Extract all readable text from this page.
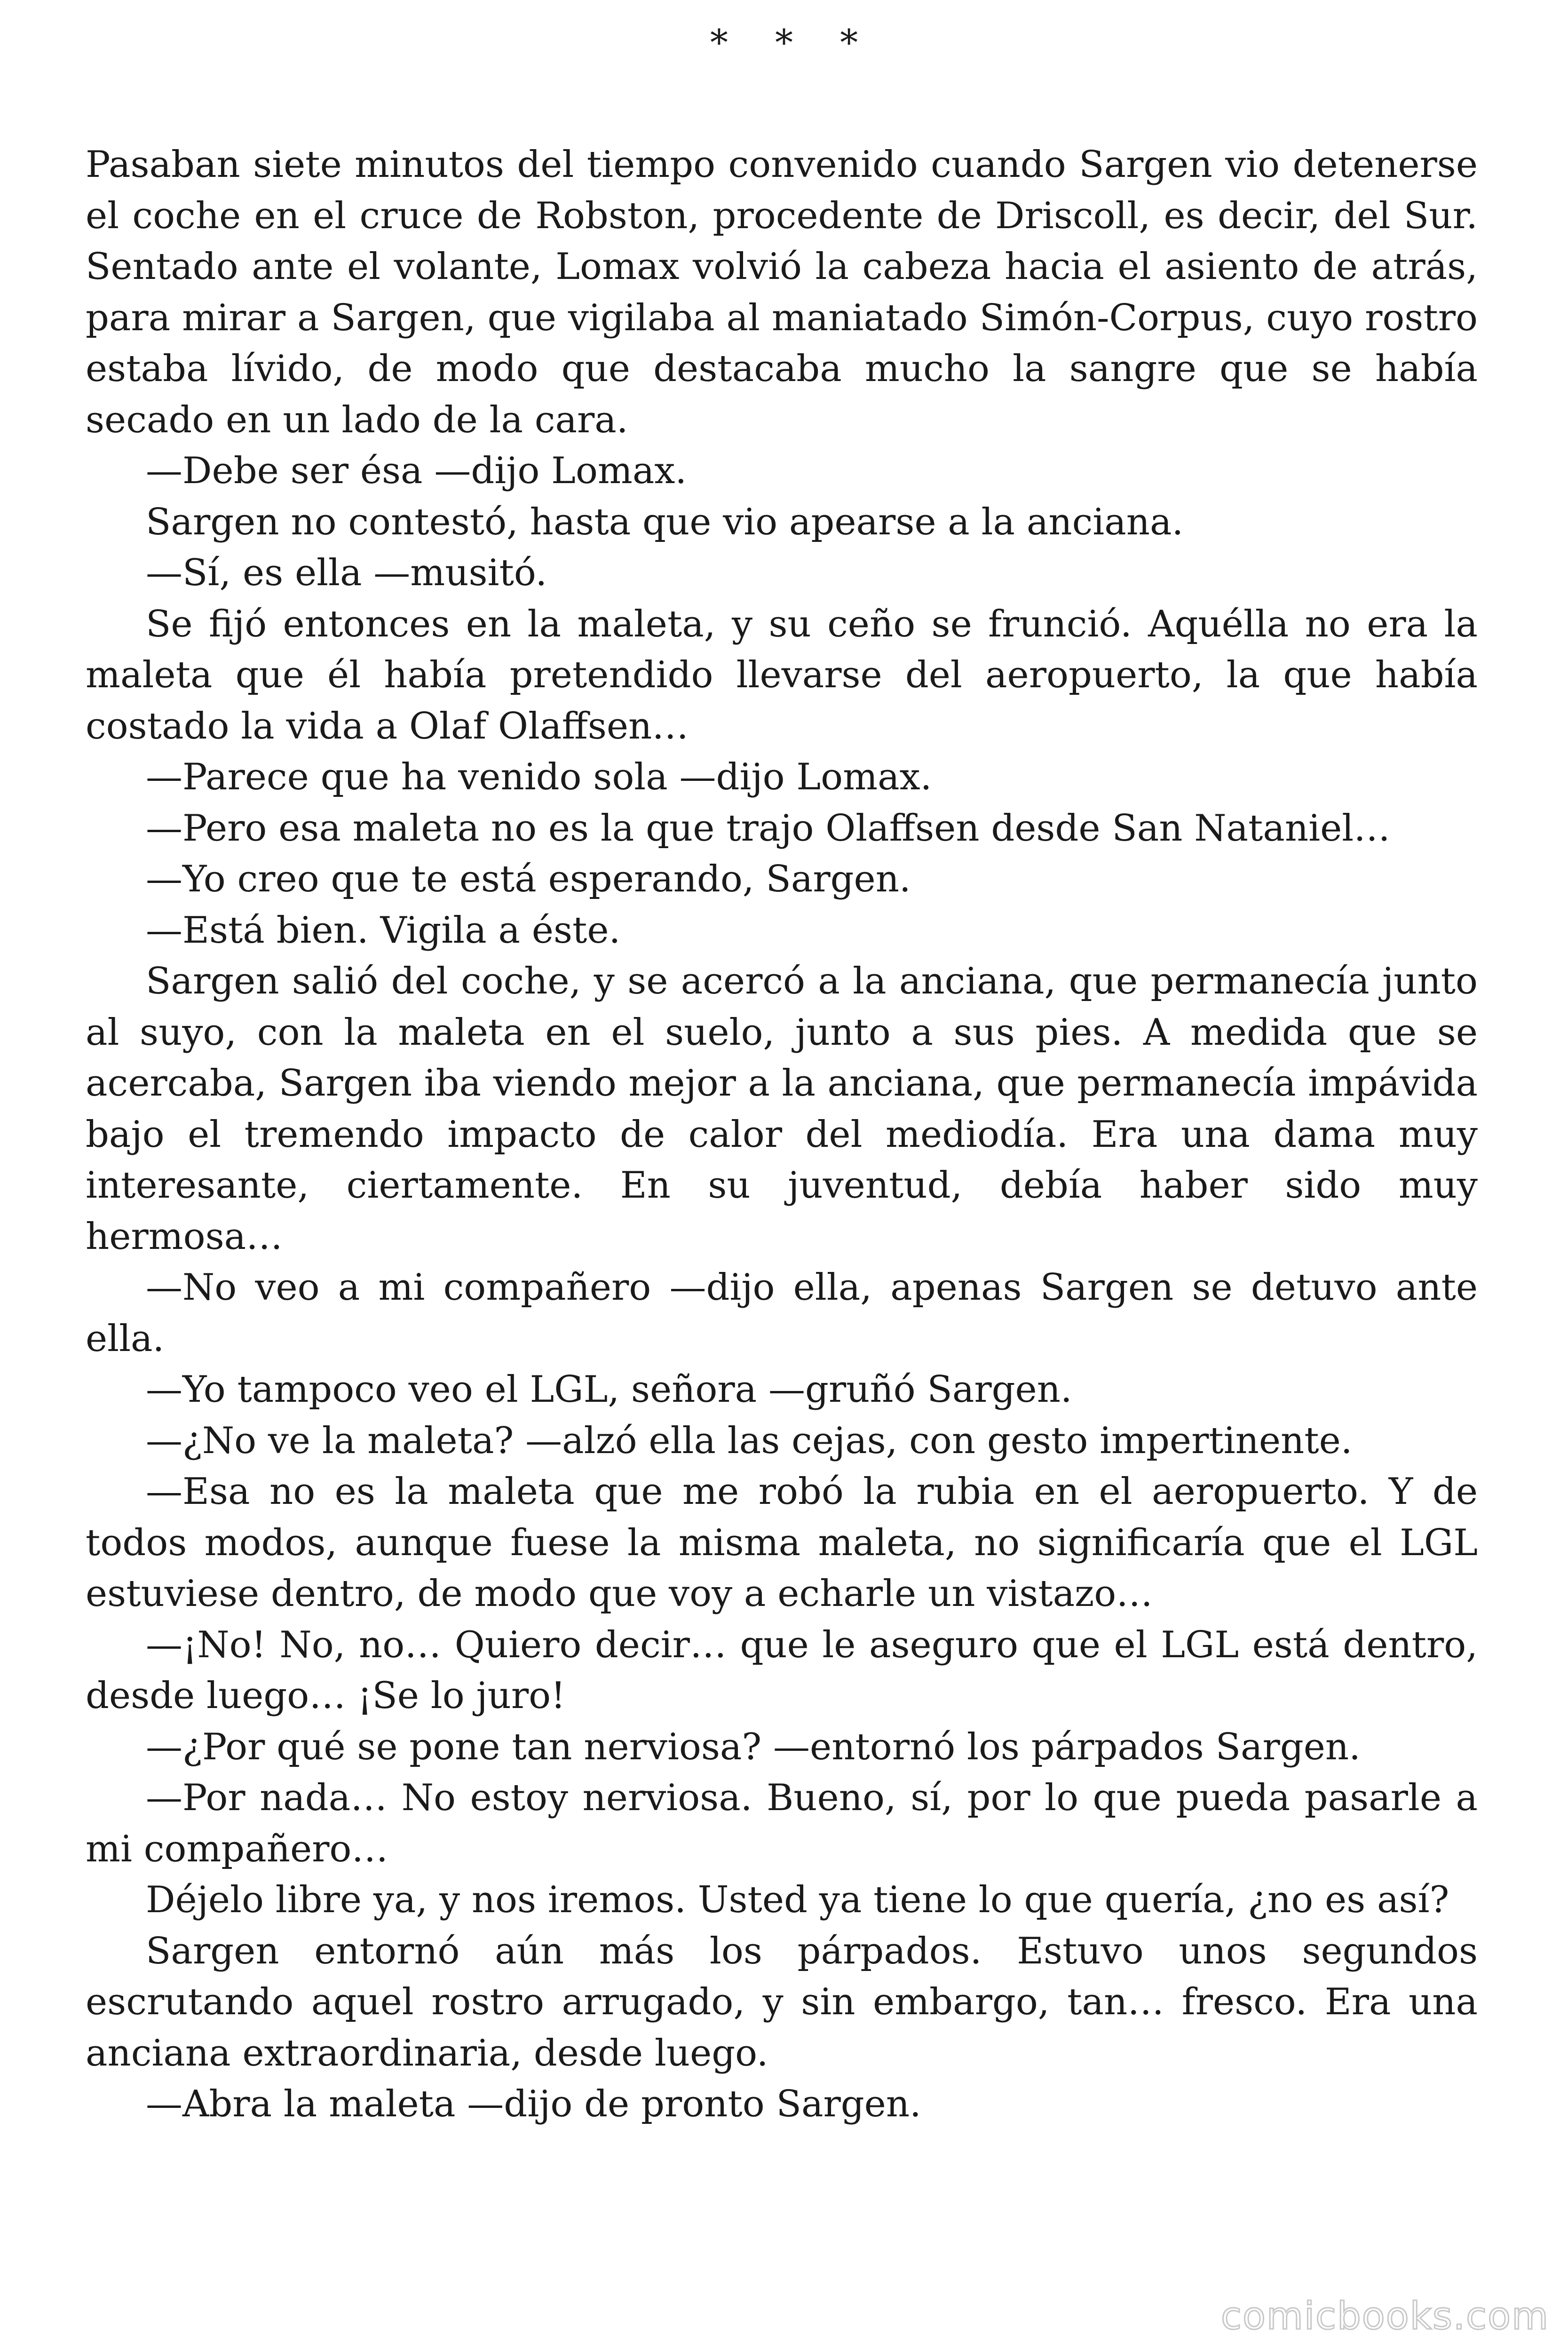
* * *

Pasaban siete minutos del tiempo convenido cuando Sargen vio detenerse el coche en el cruce de Robston, procedente de Driscoll, es decir, del Sur. Sentado ante el volante, Lomax volvió la cabeza hacia el asiento de atrás, para mirar a Sargen, que vigilaba al maniatado Simón-Corpus, cuyo rostro estaba lívido, de modo que destacaba mucho la sangre que se había secado en un lado de la cara.

—Debe ser ésa —dijo Lomax.

Sargen no contestó, hasta que vio apearse a la anciana.

—Sí, es ella —musitó.

Se fijó entonces en la maleta, y su ceño se frunció. Aquélla no era la maleta que él había pretendido llevarse del aeropuerto, la que había costado la vida a Olaf Olaffsen…

—Parece que ha venido sola —dijo Lomax.

—Pero esa maleta no es la que trajo Olaffsen desde San Nataniel…

—Yo creo que te está esperando, Sargen.

—Está bien. Vigila a éste.

Sargen salió del coche, y se acercó a la anciana, que permanecía junto al suyo, con la maleta en el suelo, junto a sus pies. A medida que se acercaba, Sargen iba viendo mejor a la anciana, que permanecía impávida bajo el tremendo impacto de calor del mediodía. Era una dama muy interesante, ciertamente. En su juventud, debía haber sido muy hermosa…

—No veo a mi compañero —dijo ella, apenas Sargen se detuvo ante ella.

—Yo tampoco veo el LGL, señora —gruñó Sargen.

—¿No ve la maleta? —alzó ella las cejas, con gesto impertinente.

—Esa no es la maleta que me robó la rubia en el aeropuerto. Y de todos modos, aunque fuese la misma maleta, no significaría que el LGL estuviese dentro, de modo que voy a echarle un vistazo…

—¡No! No, no… Quiero decir… que le aseguro que el LGL está dentro, desde luego… ¡Se lo juro!

—¿Por qué se pone tan nerviosa? —entornó los párpados Sargen.

—Por nada… No estoy nerviosa. Bueno, sí, por lo que pueda pasarle a mi compañero…

Déjelo libre ya, y nos iremos. Usted ya tiene lo que quería, ¿no es así?

Sargen entornó aún más los párpados. Estuvo unos segundos escrutando aquel rostro arrugado, y sin embargo, tan… fresco. Era una anciana extraordinaria, desde luego.

—Abra la maleta —dijo de pronto Sargen.

comicbooks.com
